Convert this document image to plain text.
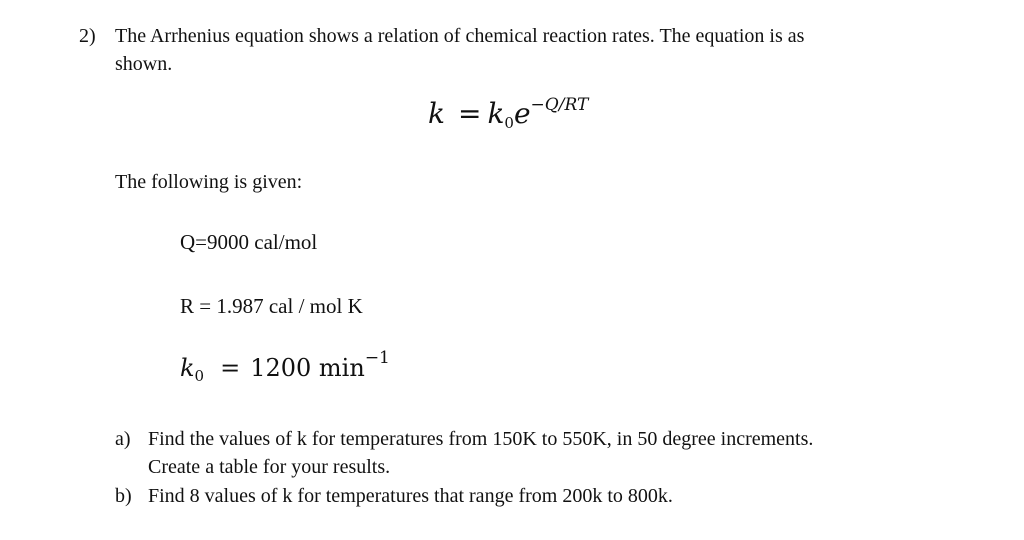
2) The Arrhenius equation shows a relation of chemical reaction rates. The equation is as
shown.
$k = k_0e^{-Q/RT}$
The following is given:
Q=9000 cal/mol
R = 1.987 cal / mol K
$k_0 = 1200$ $\min^{-1}$
a) Find the values of k for temperatures from 150K to 550K, in 50 degree increments.
Create a table for your results.
b) Find 8 values of k for temperatures that range from 200k to 800k.
